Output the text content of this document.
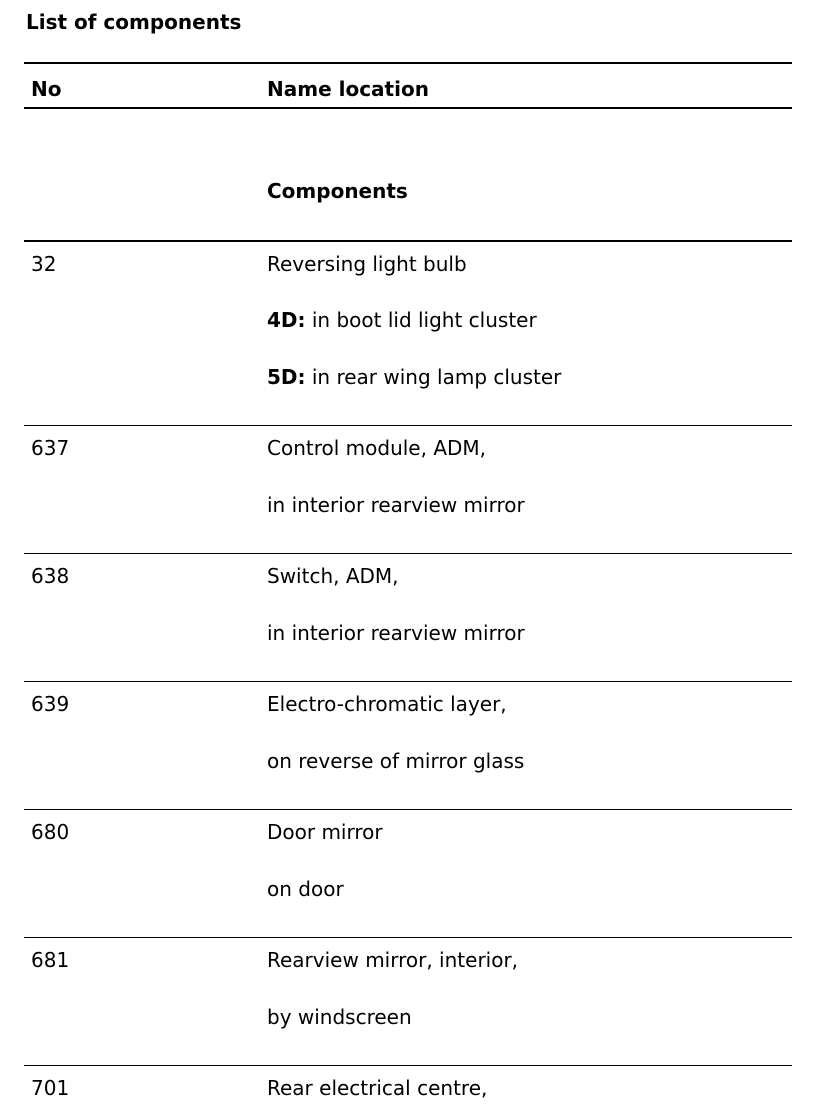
List of components
No	Name location
Components
32	Reversing light bulb
4D: in boot lid light cluster
5D: in rear wing lamp cluster
637	Control module, ADM,
in interior rearview mirror
638	Switch, ADM,
in interior rearview mirror
639	Electro-chromatic layer,
on reverse of mirror glass
680	Door mirror
on door
681	Rearview mirror, interior,
by windscreen
701	Rear electrical centre,
